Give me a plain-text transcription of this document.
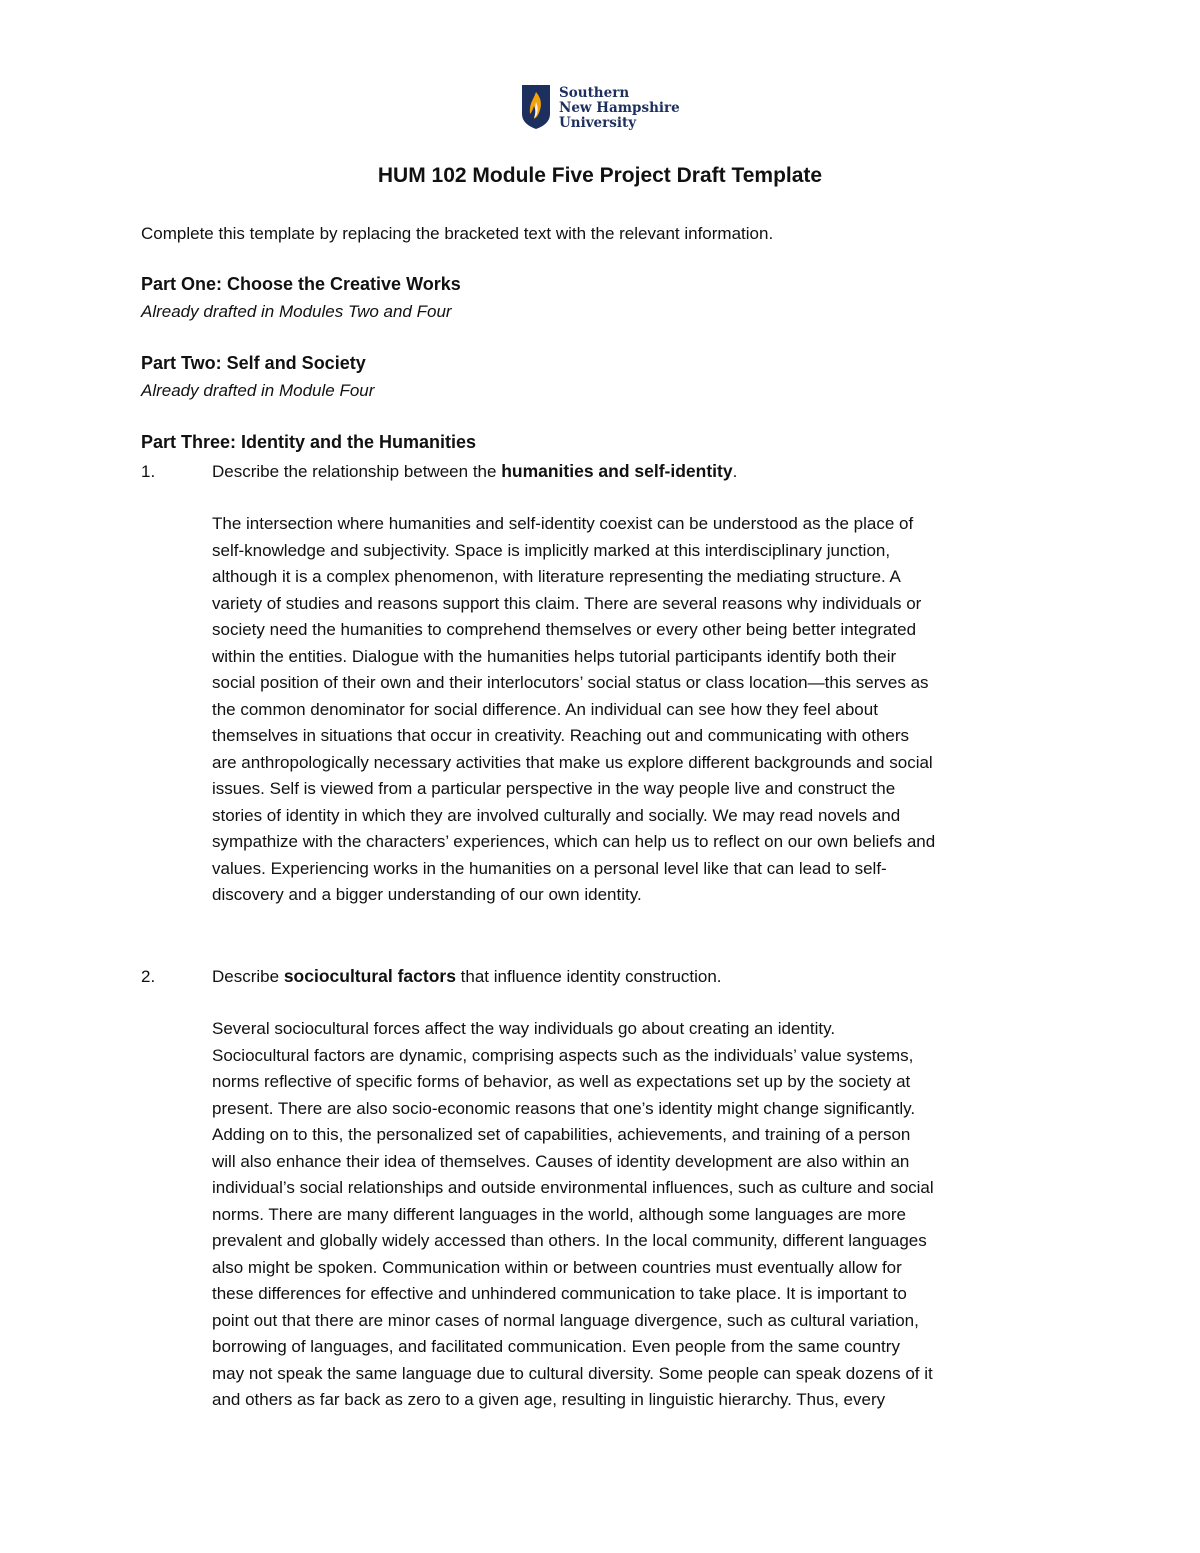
Southern
New Hampshire
University
HUM 102 Module Five Project Draft Template
Complete this template by replacing the bracketed text with the relevant information.
Part One: Choose the Creative Works
Already drafted in Modules Two and Four
Part Two: Self and Society
Already drafted in Module Four
Part Three: Identity and the Humanities
1.	Describe the relationship between the humanities and self-identity.
The intersection where humanities and self-identity coexist can be understood as the place of
self-knowledge and subjectivity. Space is implicitly marked at this interdisciplinary junction,
although it is a complex phenomenon, with literature representing the mediating structure. A
variety of studies and reasons support this claim. There are several reasons why individuals or
society need the humanities to comprehend themselves or every other being better integrated
within the entities. Dialogue with the humanities helps tutorial participants identify both their
social position of their own and their interlocutors’ social status or class location—this serves as
the common denominator for social difference. An individual can see how they feel about
themselves in situations that occur in creativity. Reaching out and communicating with others
are anthropologically necessary activities that make us explore different backgrounds and social
issues. Self is viewed from a particular perspective in the way people live and construct the
stories of identity in which they are involved culturally and socially. We may read novels and
sympathize with the characters’ experiences, which can help us to reflect on our own beliefs and
values. Experiencing works in the humanities on a personal level like that can lead to self-
discovery and a bigger understanding of our own identity.
2.	Describe sociocultural factors that influence identity construction.
Several sociocultural forces affect the way individuals go about creating an identity.
Sociocultural factors are dynamic, comprising aspects such as the individuals’ value systems,
norms reflective of specific forms of behavior, as well as expectations set up by the society at
present. There are also socio-economic reasons that one’s identity might change significantly.
Adding on to this, the personalized set of capabilities, achievements, and training of a person
will also enhance their idea of themselves. Causes of identity development are also within an
individual’s social relationships and outside environmental influences, such as culture and social
norms. There are many different languages in the world, although some languages are more
prevalent and globally widely accessed than others. In the local community, different languages
also might be spoken. Communication within or between countries must eventually allow for
these differences for effective and unhindered communication to take place. It is important to
point out that there are minor cases of normal language divergence, such as cultural variation,
borrowing of languages, and facilitated communication. Even people from the same country
may not speak the same language due to cultural diversity. Some people can speak dozens of it
and others as far back as zero to a given age, resulting in linguistic hierarchy. Thus, every
